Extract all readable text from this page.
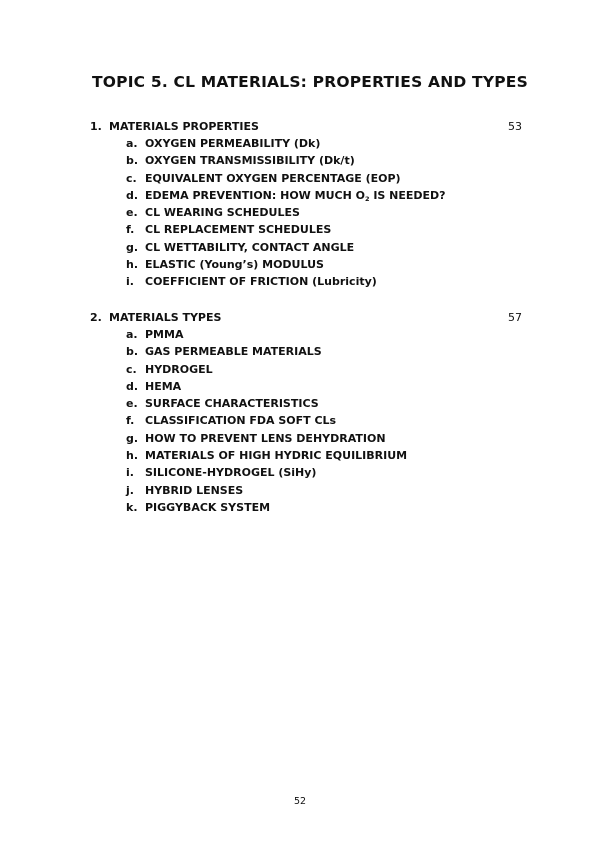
TOPIC 5. CL MATERIALS: PROPERTIES AND TYPES
1. MATERIALS PROPERTIES	53
a. OXYGEN PERMEABILITY (Dk)
b. OXYGEN TRANSMISSIBILITY (Dk/t)
c. EQUIVALENT OXYGEN PERCENTAGE (EOP)
d. EDEMA PREVENTION: HOW MUCH $O_2$ IS NEEDED?
e. CL WEARING SCHEDULES
f. CL REPLACEMENT SCHEDULES
g. CL WETTABILITY, CONTACT ANGLE
h. ELASTIC (Young’s) MODULUS
i. COEFFICIENT OF FRICTION (Lubricity)
2. MATERIALS TYPES	57
a. PMMA
b. GAS PERMEABLE MATERIALS
c. HYDROGEL
d. HEMA
e. SURFACE CHARACTERISTICS
f. CLASSIFICATION FDA SOFT CLs
g. HOW TO PREVENT LENS DEHYDRATION
h. MATERIALS OF HIGH HYDRIC EQUILIBRIUM
i. SILICONE-HYDROGEL (SiHy)
j. HYBRID LENSES
k. PIGGYBACK SYSTEM
52
